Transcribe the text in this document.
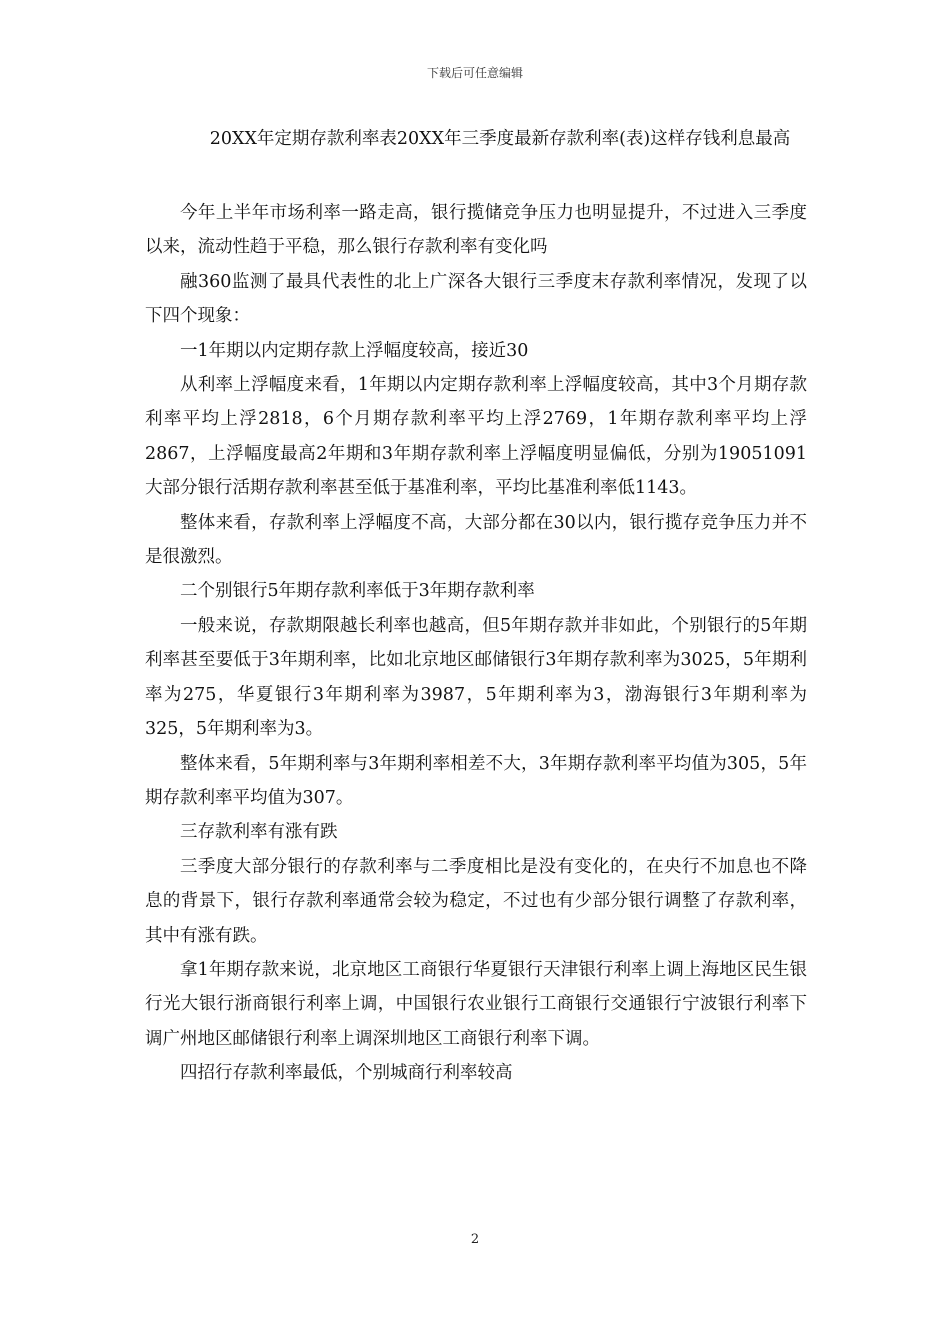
下载后可任意编辑
20XX年定期存款利率表20XX年三季度最新存款利率(表)这样存钱利息最高

今年上半年市场利率一路走高，银行揽储竞争压力也明显提升，不过进入三季度以来，流动性趋于平稳，那么银行存款利率有变化吗

融360监测了最具代表性的北上广深各大银行三季度末存款利率情况，发现了以下四个现象：

一1年期以内定期存款上浮幅度较高，接近30

从利率上浮幅度来看，1年期以内定期存款利率上浮幅度较高，其中3个月期存款利率平均上浮2818，6个月期存款利率平均上浮2769，1年期存款利率平均上浮2867，上浮幅度最高2年期和3年期存款利率上浮幅度明显偏低，分别为19051091大部分银行活期存款利率甚至低于基准利率，平均比基准利率低1143。

整体来看，存款利率上浮幅度不高，大部分都在30以内，银行揽存竞争压力并不是很激烈。

二个别银行5年期存款利率低于3年期存款利率

一般来说，存款期限越长利率也越高，但5年期存款并非如此，个别银行的5年期利率甚至要低于3年期利率，比如北京地区邮储银行3年期存款利率为3025，5年期利率为275，华夏银行3年期利率为3987，5年期利率为3，渤海银行3年期利率为325，5年期利率为3。

整体来看，5年期利率与3年期利率相差不大，3年期存款利率平均值为305，5年期存款利率平均值为307。

三存款利率有涨有跌

三季度大部分银行的存款利率与二季度相比是没有变化的，在央行不加息也不降息的背景下，银行存款利率通常会较为稳定，不过也有少部分银行调整了存款利率，其中有涨有跌。

拿1年期存款来说，北京地区工商银行华夏银行天津银行利率上调上海地区民生银行光大银行浙商银行利率上调，中国银行农业银行工商银行交通银行宁波银行利率下调广州地区邮储银行利率上调深圳地区工商银行利率下调。

四招行存款利率最低，个别城商行利率较高

2
